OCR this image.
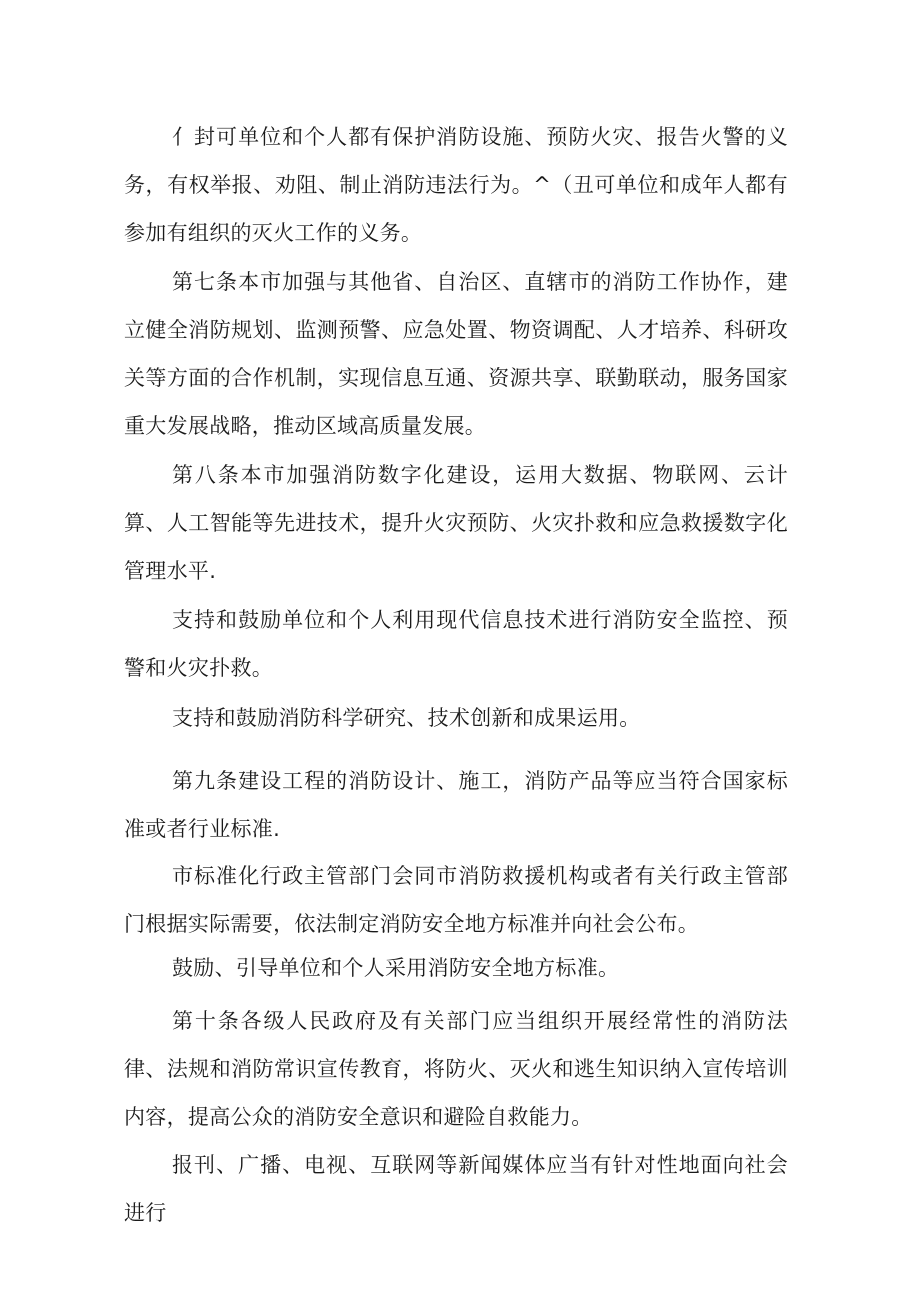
亻封可单位和个人都有保护消防设施、预防火灾、报告火警的义务，有权举报、劝阻、制止消防违法行为。^（丑可单位和成年人都有参加有组织的灭火工作的义务。

第七条本市加强与其他省、自治区、直辖市的消防工作协作，建立健全消防规划、监测预警、应急处置、物资调配、人才培养、科研攻关等方面的合作机制，实现信息互通、资源共享、联勤联动，服务国家重大发展战略，推动区域高质量发展。

第八条本市加强消防数字化建设，运用大数据、物联网、云计算、人工智能等先进技术，提升火灾预防、火灾扑救和应急救援数字化管理水平.

支持和鼓励单位和个人利用现代信息技术进行消防安全监控、预警和火灾扑救。

支持和鼓励消防科学研究、技术创新和成果运用。

第九条建设工程的消防设计、施工，消防产品等应当符合国家标准或者行业标准.

市标准化行政主管部门会同市消防救援机构或者有关行政主管部门根据实际需要，依法制定消防安全地方标准并向社会公布。

鼓励、引导单位和个人采用消防安全地方标准。

第十条各级人民政府及有关部门应当组织开展经常性的消防法律、法规和消防常识宣传教育，将防火、灭火和逃生知识纳入宣传培训内容，提高公众的消防安全意识和避险自救能力。

报刊、广播、电视、互联网等新闻媒体应当有针对性地面向社会进行
